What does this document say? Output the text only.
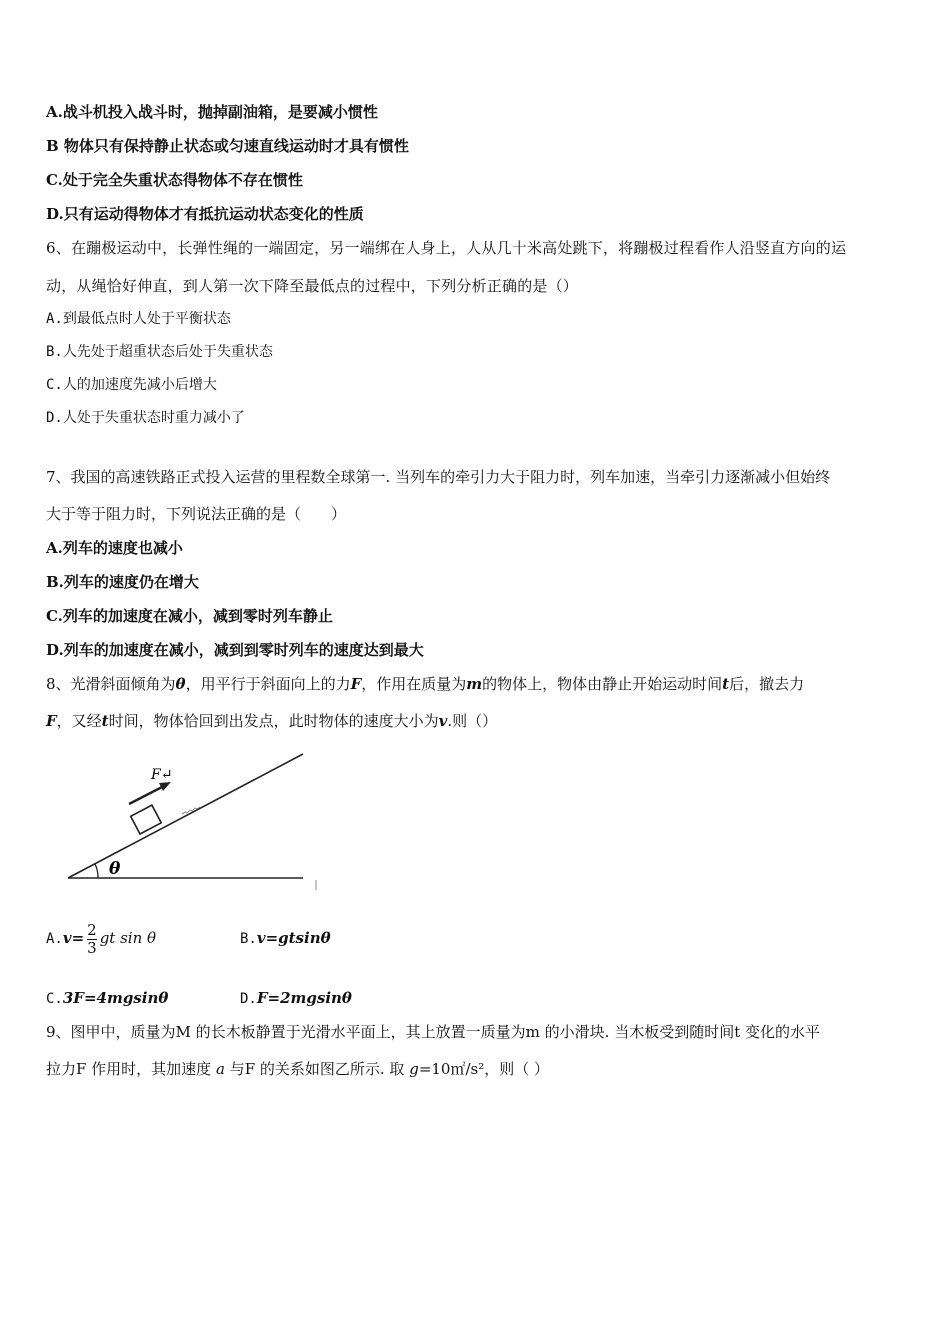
A.战斗机投入战斗时，抛掉副油箱，是要减小惯性
B 物体只有保持静止状态或匀速直线运动时才具有惯性
C.处于完全失重状态得物体不存在惯性
D.只有运动得物体才有抵抗运动状态变化的性质
6、在蹦极运动中，长弹性绳的一端固定，另一端绑在人身上，人从几十米高处跳下，将蹦极过程看作人沿竖直方向的运
动，从绳恰好伸直，到人第一次下降至最低点的过程中，下列分析正确的是（）
A.到最低点时人处于平衡状态
B.人先处于超重状态后处于失重状态
C.人的加速度先减小后增大
D.人处于失重状态时重力减小了
7、我国的高速铁路正式投入运营的里程数全球第一. 当列车的牵引力大于阻力时，列车加速，当牵引力逐渐减小但始终
大于等于阻力时，下列说法正确的是（　　）
A.列车的速度也减小
B.列车的速度仍在增大
C.列车的加速度在减小，减到零时列车静止
D.列车的加速度在减小，减到到零时列车的速度达到最大
8、光滑斜面倾角为θ，用平行于斜面向上的力F，作用在质量为m的物体上，物体由静止开始运动时间t后，撤去力
F，又经t时间，物体恰回到出发点，此时物体的速度大小为v.则（）
θ
F↵
$A.v= \frac{2}{3}$ gt sin θ	B.v=gtsinθ
C.3F=4mgsinθ	D.F=2mgsinθ
9、图甲中，质量为M 的长木板静置于光滑水平面上，其上放置一质量为m 的小滑块. 当木板受到随时间t 变化的水平
拉力F 作用时，其加速度 a 与F 的关系如图乙所示. 取 g=10㎡/s²，则（ ）
